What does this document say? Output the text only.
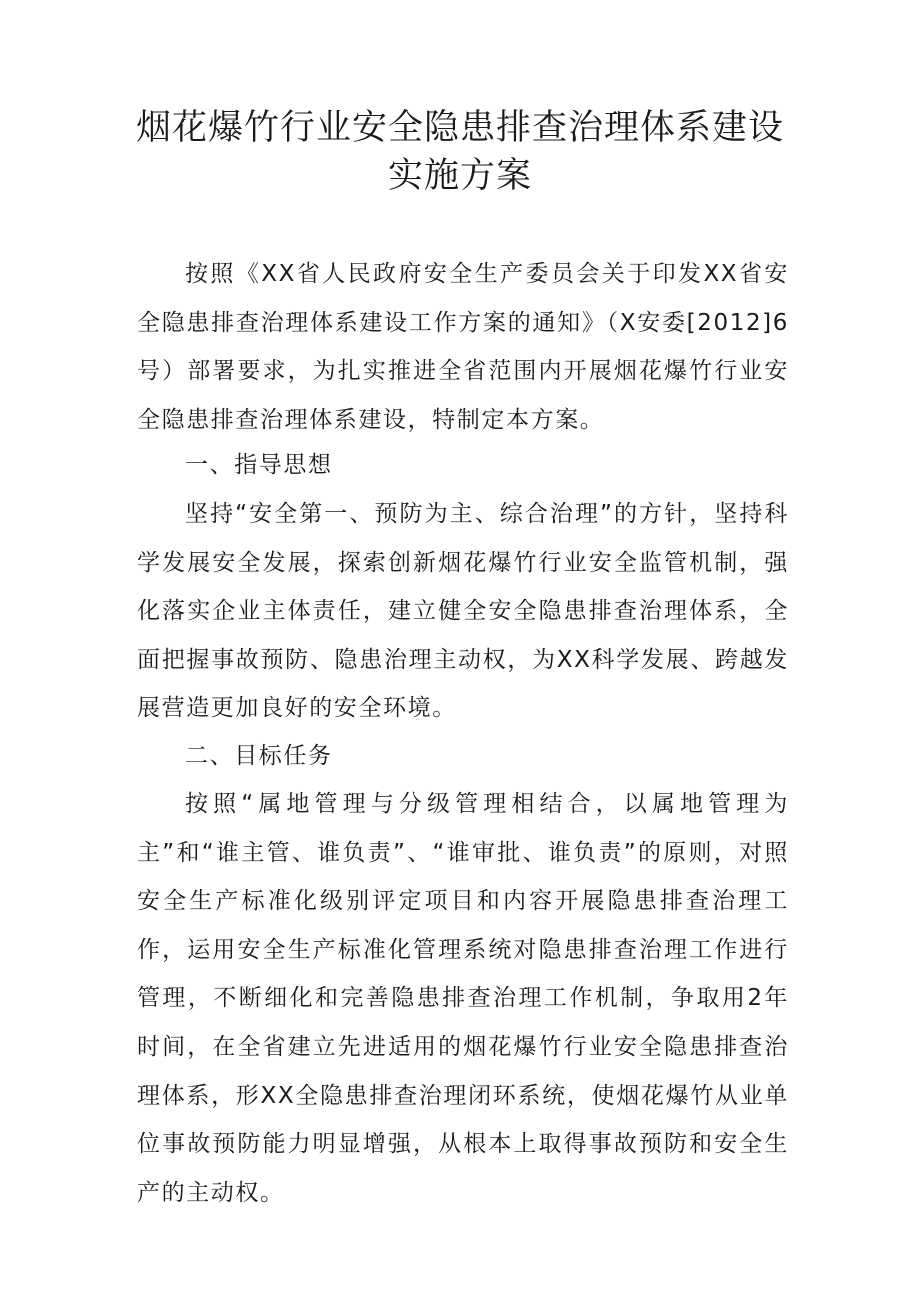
烟花爆竹行业安全隐患排查治理体系建设
实施方案

按照《XX省人民政府安全生产委员会关于印发XX省安全隐患排查治理体系建设工作方案的通知》（X安委[2012]6号）部署要求，为扎实推进全省范围内开展烟花爆竹行业安全隐患排查治理体系建设，特制定本方案。

一、指导思想

坚持“安全第一、预防为主、综合治理”的方针，坚持科学发展安全发展，探索创新烟花爆竹行业安全监管机制，强化落实企业主体责任，建立健全安全隐患排查治理体系，全面把握事故预防、隐患治理主动权，为XX科学发展、跨越发展营造更加良好的安全环境。

二、目标任务

按照“属地管理与分级管理相结合，以属地管理为主”和“谁主管、谁负责”、“谁审批、谁负责”的原则，对照安全生产标准化级别评定项目和内容开展隐患排查治理工作，运用安全生产标准化管理系统对隐患排查治理工作进行管理，不断细化和完善隐患排查治理工作机制，争取用2年时间，在全省建立先进适用的烟花爆竹行业安全隐患排查治理体系，形XX全隐患排查治理闭环系统，使烟花爆竹从业单位事故预防能力明显增强，从根本上取得事故预防和安全生产的主动权。
